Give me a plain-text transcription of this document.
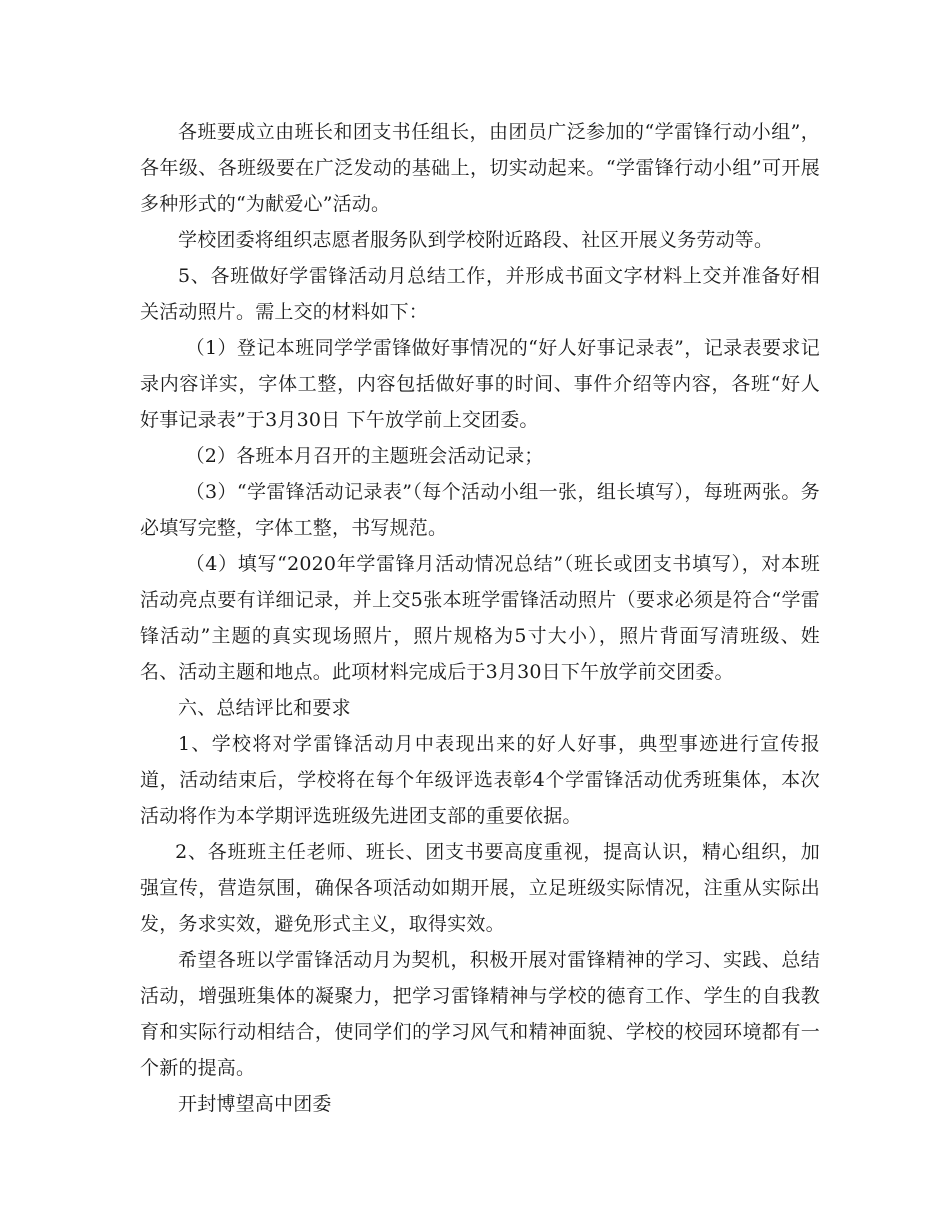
各班要成立由班长和团支书任组长，由团员广泛参加的“学雷锋行动小组”，各年级、各班级要在广泛发动的基础上，切实动起来。“学雷锋行动小组”可开展多种形式的“为献爱心”活动。

学校团委将组织志愿者服务队到学校附近路段、社区开展义务劳动等。

5、各班做好学雷锋活动月总结工作，并形成书面文字材料上交并准备好相关活动照片。需上交的材料如下：

（1）登记本班同学学雷锋做好事情况的“好人好事记录表”，记录表要求记录内容详实，字体工整，内容包括做好事的时间、事件介绍等内容，各班“好人好事记录表”于3月30日 下午放学前上交团委。

（2）各班本月召开的主题班会活动记录；

（3）“学雷锋活动记录表”（每个活动小组一张，组长填写），每班两张。务必填写完整，字体工整，书写规范。

（4）填写“2020年学雷锋月活动情况总结”（班长或团支书填写），对本班活动亮点要有详细记录，并上交5张本班学雷锋活动照片（要求必须是符合“学雷锋活动”主题的真实现场照片，照片规格为5寸大小），照片背面写清班级、姓名、活动主题和地点。此项材料完成后于3月30日下午放学前交团委。

六、总结评比和要求

1、学校将对学雷锋活动月中表现出来的好人好事，典型事迹进行宣传报道，活动结束后，学校将在每个年级评选表彰4个学雷锋活动优秀班集体，本次活动将作为本学期评选班级先进团支部的重要依据。

2、各班班主任老师、班长、团支书要高度重视，提高认识，精心组织，加强宣传，营造氛围，确保各项活动如期开展，立足班级实际情况，注重从实际出发，务求实效，避免形式主义，取得实效。

希望各班以学雷锋活动月为契机，积极开展对雷锋精神的学习、实践、总结活动，增强班集体的凝聚力，把学习雷锋精神与学校的德育工作、学生的自我教育和实际行动相结合，使同学们的学习风气和精神面貌、学校的校园环境都有一个新的提高。

开封博望高中团委
